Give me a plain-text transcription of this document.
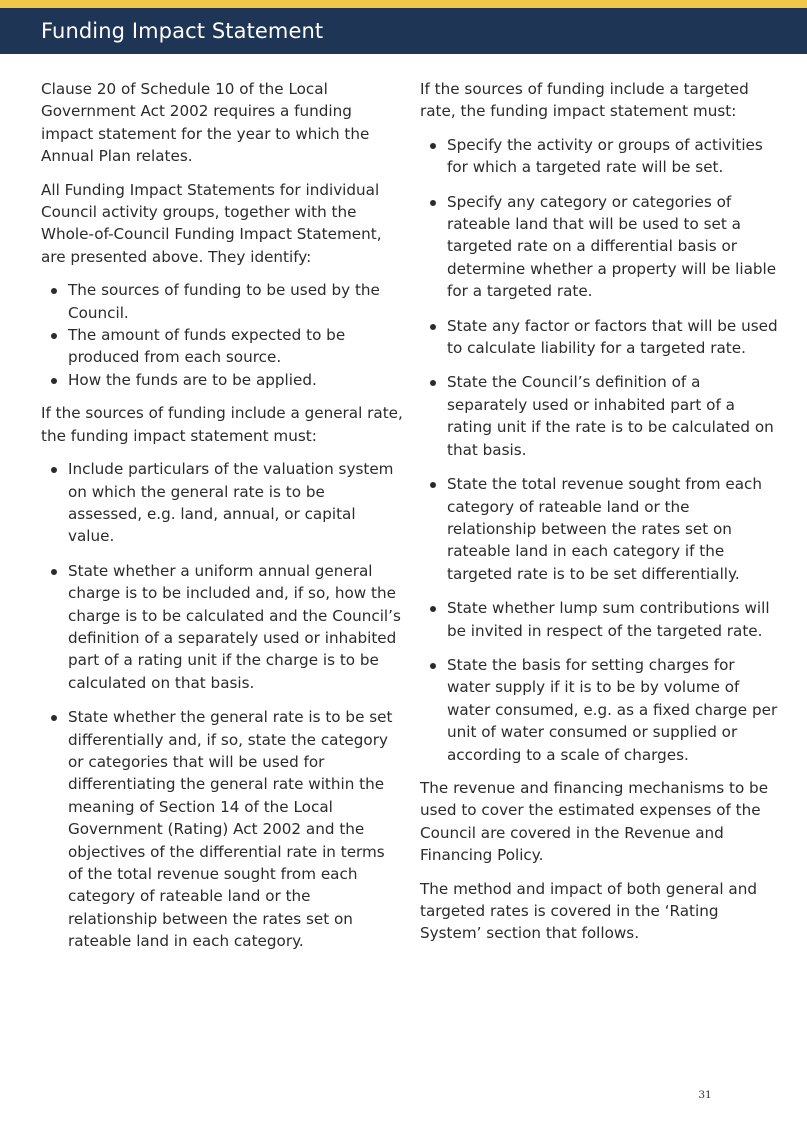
Funding Impact Statement

Clause 20 of Schedule 10 of the Local Government Act 2002 requires a funding impact statement for the year to which the Annual Plan relates.

All Funding Impact Statements for individual Council activity groups, together with the Whole-of-Council Funding Impact Statement, are presented above. They identify:

The sources of funding to be used by the Council.
The amount of funds expected to be produced from each source.
How the funds are to be applied.

If the sources of funding include a general rate, the funding impact statement must:

Include particulars of the valuation system on which the general rate is to be assessed, e.g. land, annual, or capital value.
State whether a uniform annual general charge is to be included and, if so, how the charge is to be calculated and the Council’s definition of a separately used or inhabited part of a rating unit if the charge is to be calculated on that basis.
State whether the general rate is to be set differentially and, if so, state the category or categories that will be used for differentiating the general rate within the meaning of Section 14 of the Local Government (Rating) Act 2002 and the objectives of the differential rate in terms of the total revenue sought from each category of rateable land or the relationship between the rates set on rateable land in each category.

If the sources of funding include a targeted rate, the funding impact statement must:

Specify the activity or groups of activities for which a targeted rate will be set.
Specify any category or categories of rateable land that will be used to set a targeted rate on a differential basis or determine whether a property will be liable for a targeted rate.
State any factor or factors that will be used to calculate liability for a targeted rate.
State the Council’s definition of a separately used or inhabited part of a rating unit if the rate is to be calculated on that basis.
State the total revenue sought from each category of rateable land or the relationship between the rates set on rateable land in each category if the targeted rate is to be set differentially.
State whether lump sum contributions will be invited in respect of the targeted rate.
State the basis for setting charges for water supply if it is to be by volume of water consumed, e.g. as a fixed charge per unit of water consumed or supplied or according to a scale of charges.

The revenue and financing mechanisms to be used to cover the estimated expenses of the Council are covered in the Revenue and Financing Policy.

The method and impact of both general and targeted rates is covered in the ‘Rating System’ section that follows.

31
